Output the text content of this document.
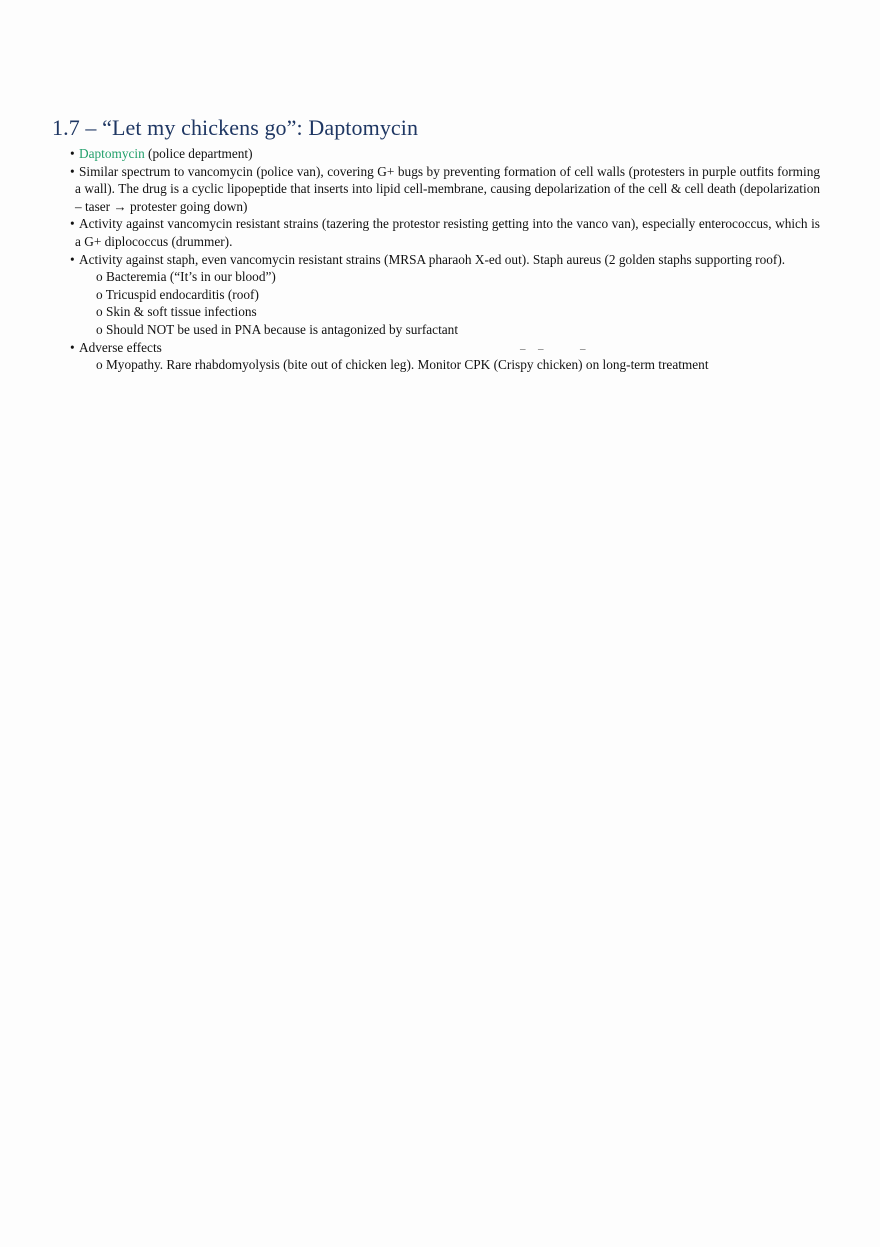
1.7 – “Let my chickens go”: Daptomycin
• Daptomycin (police department)
• Similar spectrum to vancomycin (police van), covering G+ bugs by preventing formation of cell walls (protesters in purple outfits forming a wall). The drug is a cyclic lipopeptide that inserts into lipid cell-membrane, causing depolarization of the cell & cell death (depolarization – taser → protester going down)
• Activity against vancomycin resistant strains (tazering the protestor resisting getting into the vanco van), especially enterococcus, which is a G+ diplococcus (drummer).
• Activity against staph, even vancomycin resistant strains (MRSA pharaoh X-ed out). Staph aureus (2 golden staphs supporting roof).
o Bacteremia (“It’s in our blood”)
o Tricuspid endocarditis (roof)
o Skin & soft tissue infections
o Should NOT be used in PNA because is antagonized by surfactant
• Adverse effects	– –	–
o Myopathy. Rare rhabdomyolysis (bite out of chicken leg). Monitor CPK (Crispy chicken) on long-term treatment
